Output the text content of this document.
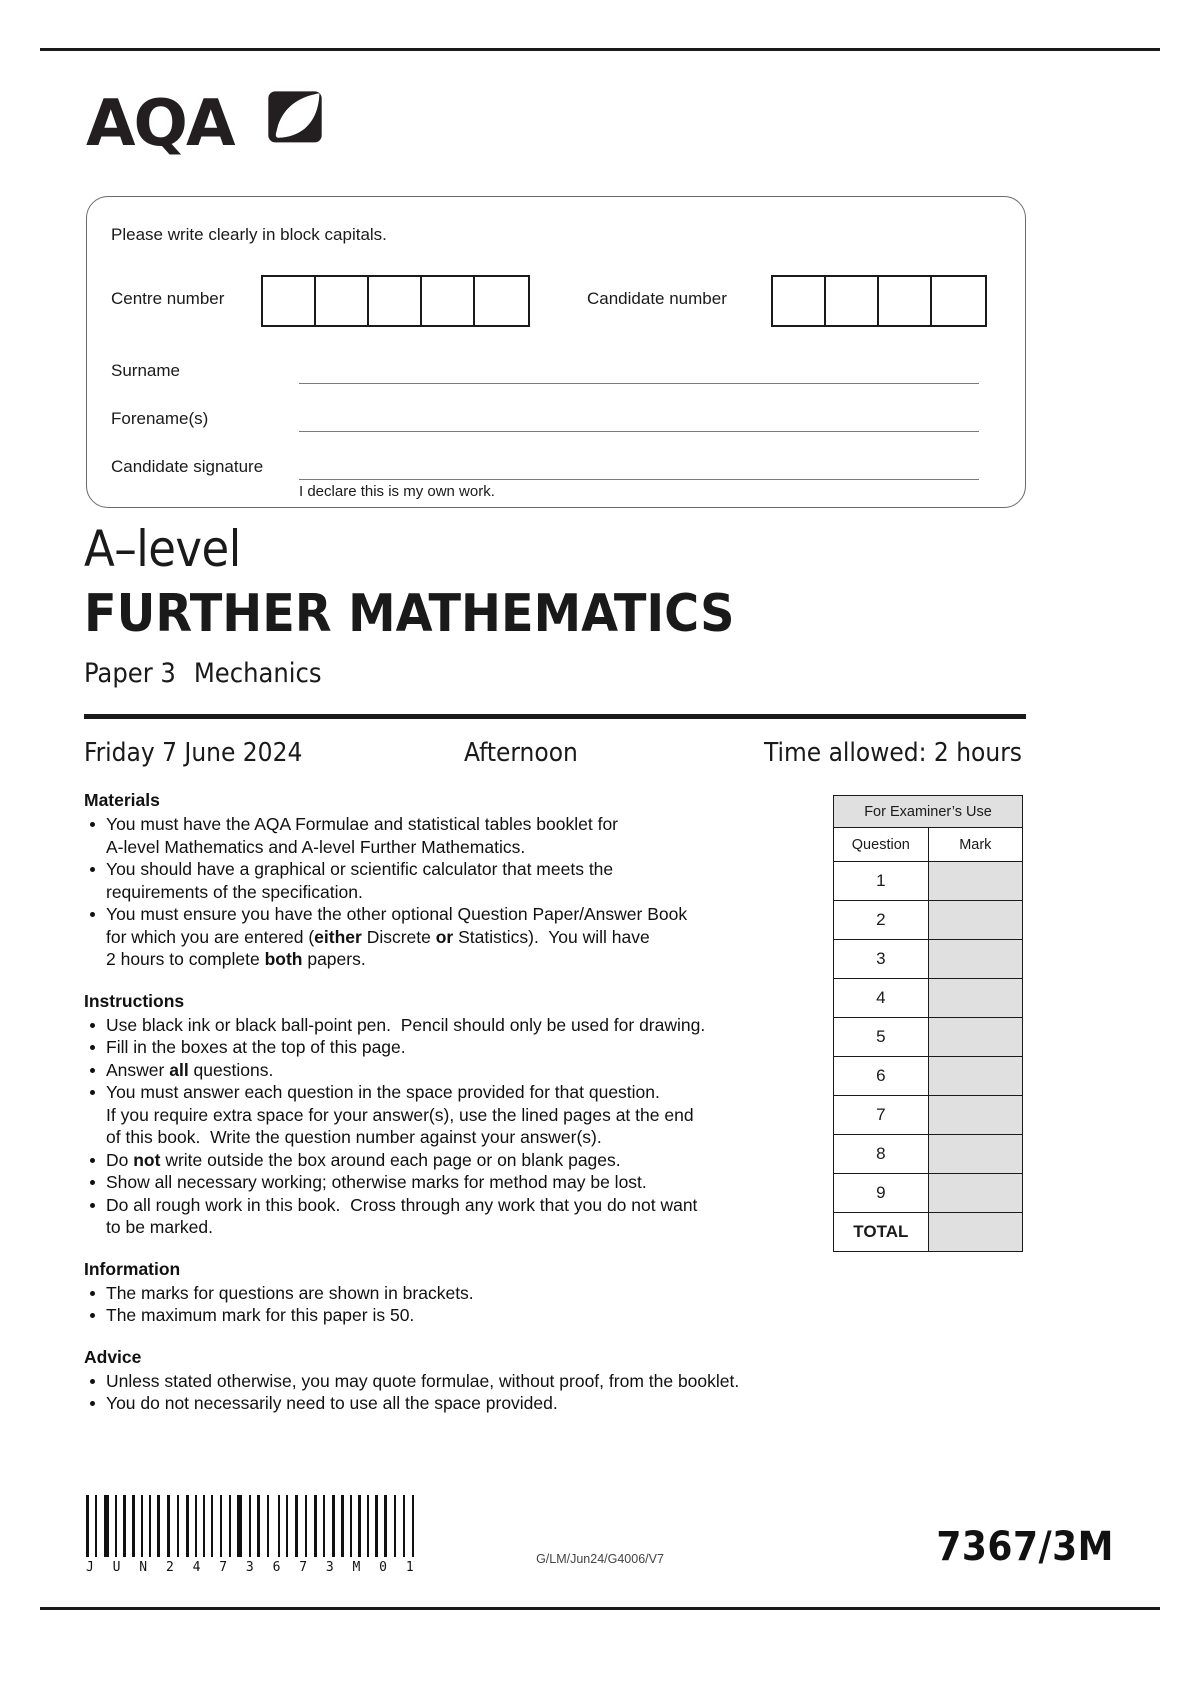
AQA
Please write clearly in block capitals.
Centre number	Candidate number
Surname
Forename(s)
Candidate signature
I declare this is my own work.
A–level
FURTHER MATHEMATICS
Paper 3 Mechanics
Friday 7 June 2024	Afternoon	Time allowed: 2 hours
Materials
You must have the AQA Formulae and statistical tables booklet for
A-level Mathematics and A-level Further Mathematics.
You should have a graphical or scientific calculator that meets the
requirements of the specification.
You must ensure you have the other optional Question Paper/Answer Book
for which you are entered (either Discrete or Statistics).  You will have
2 hours to complete both papers.
Instructions
Use black ink or black ball-point pen.  Pencil should only be used for drawing.
Fill in the boxes at the top of this page.
Answer all questions.
You must answer each question in the space provided for that question.
If you require extra space for your answer(s), use the lined pages at the end
of this book.  Write the question number against your answer(s).
Do not write outside the box around each page or on blank pages.
Show all necessary working; otherwise marks for method may be lost.
Do all rough work in this book.  Cross through any work that you do not want
to be marked.
Information
The marks for questions are shown in brackets.
The maximum mark for this paper is 50.
Advice
Unless stated otherwise, you may quote formulae, without proof, from the booklet.
You do not necessarily need to use all the space provided.
For Examiner’s Use	
Question	Mark
1	
2	
3	
4	
5	
6	
7	
8	
9	
TOTAL	
J U N 2 4 7 3 6 7 3 M 0 1
G/LM/Jun24/G4006/V7	7367/3M
